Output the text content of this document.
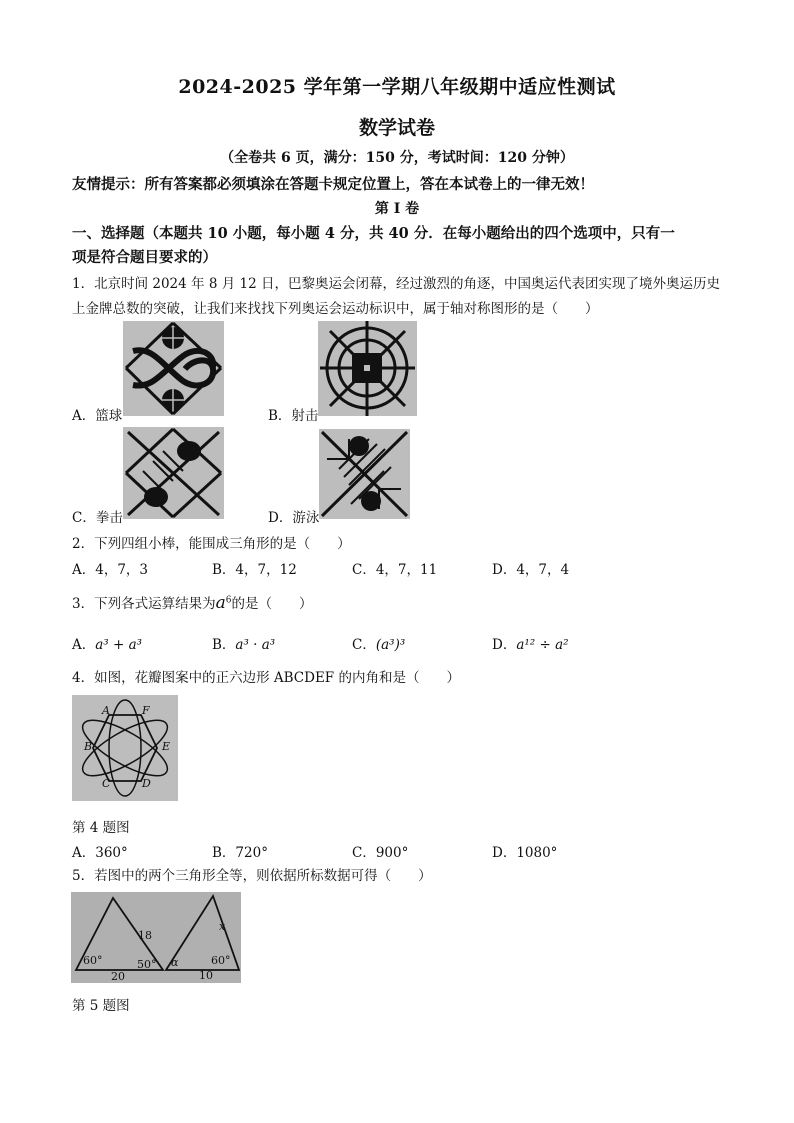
2024-2025 学年第一学期八年级期中适应性测试
数学试卷
（全卷共 6 页，满分：150 分，考试时间：120 分钟）
友情提示：所有答案都必须填涂在答题卡规定位置上，答在本试卷上的一律无效！
第 Ⅰ 卷
一、选择题（本题共 10 小题，每小题 4 分，共 40 分．在每小题给出的四个选项中，只有一
项是符合题目要求的）
1．北京时间 2024 年 8 月 12 日，巴黎奥运会闭幕，经过激烈的角逐，中国奥运代表团实现了境外奥运历史
上金牌总数的突破，让我们来找找下列奥运会运动标识中，属于轴对称图形的是（　　）
A．篮球	B．射击
C．拳击	D．游泳
2．下列四组小棒，能围成三角形的是（　　）
A．4，7，3	B．4，7，12	C．4，7，11	D．4，7，4
3．下列各式运算结果为$a^6$的是（　　）
A．a³ + a³	B．a³ · a³	C．(a³)³	D．a¹² ÷ a²
4．如图，花瓣图案中的正六边形 ABCDEF 的内角和是（　　）
A	F
B	E
C	D
第 4 题图
A．360°	B．720°	C．900°	D．1080°
5．若图中的两个三角形全等，则依据所标数据可得（　　）
18
60°	50°
20
α
x
60°
10
第 5 题图
